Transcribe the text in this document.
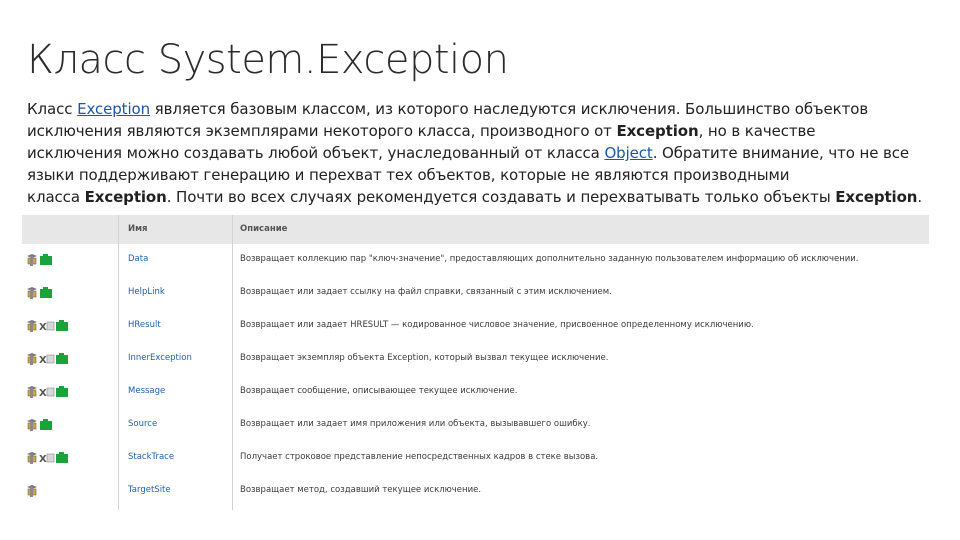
Класс System.Exception
Класс Exception является базовым классом, из которого наследуются исключения. Большинство объектов
исключения являются экземплярами некоторого класса, производного от Exception, но в качестве
исключения можно создавать любой объект, унаследованный от класса Object. Обратите внимание, что не все
языки поддерживают генерацию и перехват тех объектов, которые не являются производными
класса Exception. Почти во всех случаях рекомендуется создавать и перехватывать только объекты Exception.
Имя	Описание
Data	Возвращает коллекцию пар "ключ-значение", предоставляющих дополнительно заданную пользователем информацию об исключении.
HelpLink	Возвращает или задает ссылку на файл справки, связанный с этим исключением.
X	HResult	Возвращает или задает HRESULT — кодированное числовое значение, присвоенное определенному исключению.
X	InnerException	Возвращает экземпляр объекта Exception, который вызвал текущее исключение.
X	Message	Возвращает сообщение, описывающее текущее исключение.
Source	Возвращает или задает имя приложения или объекта, вызывавшего ошибку.
X	StackTrace	Получает строковое представление непосредственных кадров в стеке вызова.
TargetSite	Возвращает метод, создавший текущее исключение.
